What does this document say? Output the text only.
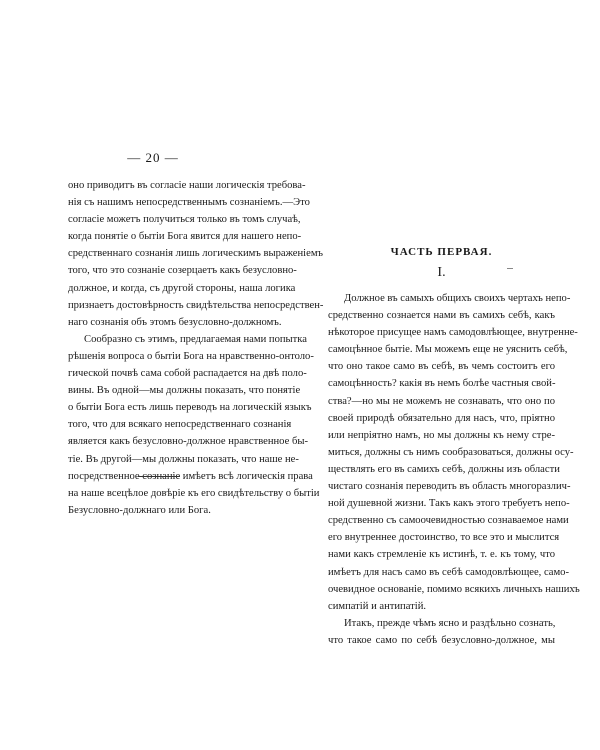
— 20 —
оно приводитъ въ согласіе наши логическія требова-
нія съ нашимъ непосредственнымъ сознаніемъ.—Это
согласіе можетъ получиться только въ томъ случаѣ,
когда понятіе о бытіи Бога явится для нашего непо-
средственнаго сознанія лишь логическимъ выраженіемъ
того, что это сознаніе созерцаетъ какъ безусловно-
должное, и когда, съ другой стороны, наша логика
признаетъ достовѣрность свидѣтельства непосредствен-
наго сознанія объ этомъ безусловно-должномъ.
Сообразно съ этимъ, предлагаемая нами попытка
рѣшенія вопроса о бытіи Бога на нравственно-онтоло-
гической почвѣ сама собой распадается на двѣ поло-
вины. Въ одной—мы должны показать, что понятіе
о бытіи Бога есть лишь переводъ на логическій языкъ
того, что для всякаго непосредственнаго сознанія
является какъ безусловно-должное нравственное бы-
тіе. Въ другой—мы должны показать, что наше не-
посредственное сознаніе имѣетъ всѣ логическія права
на наше всецѣлое довѣріе къ его свидѣтельству о бытіи
Безусловно-должнаго или Бога.
ЧАСТЬ ПЕРВАЯ.
I.
Должное въ самыхъ общихъ своихъ чертахъ непо-
средственно сознается нами въ самихъ себѣ, какъ
нѣкоторое присущее намъ самодовлѣющее, внутренне-
самоцѣнное бытіе. Мы можемъ еще не уяснить себѣ,
что оно такое само въ себѣ, въ чемъ состоитъ его
самоцѣнность? какія въ немъ болѣе частныя свой-
ства?—но мы не можемъ не сознавать, что оно по
своей природѣ обязательно для насъ, что, пріятно
или непріятно намъ, но мы должны къ нему стре-
миться, должны съ нимъ сообразоваться, должны осу-
ществлять его въ самихъ себѣ, должны изъ области
чистаго сознанія переводить въ область многоразлич-
ной душевной жизни. Такъ какъ этого требуетъ непо-
средственно съ самоочевидностью сознаваемое нами
его внутреннее достоинство, то все это и мыслится
нами какъ стремленіе къ истинѣ, т. е. къ тому, что
имѣетъ для насъ само въ себѣ самодовлѣющее, само-
очевидное основаніе, помимо всякихъ личныхъ нашихъ
симпатій и антипатій.
Итакъ, прежде чѣмъ ясно и раздѣльно сознать,
что такое само по себѣ безусловно-должное, мы
